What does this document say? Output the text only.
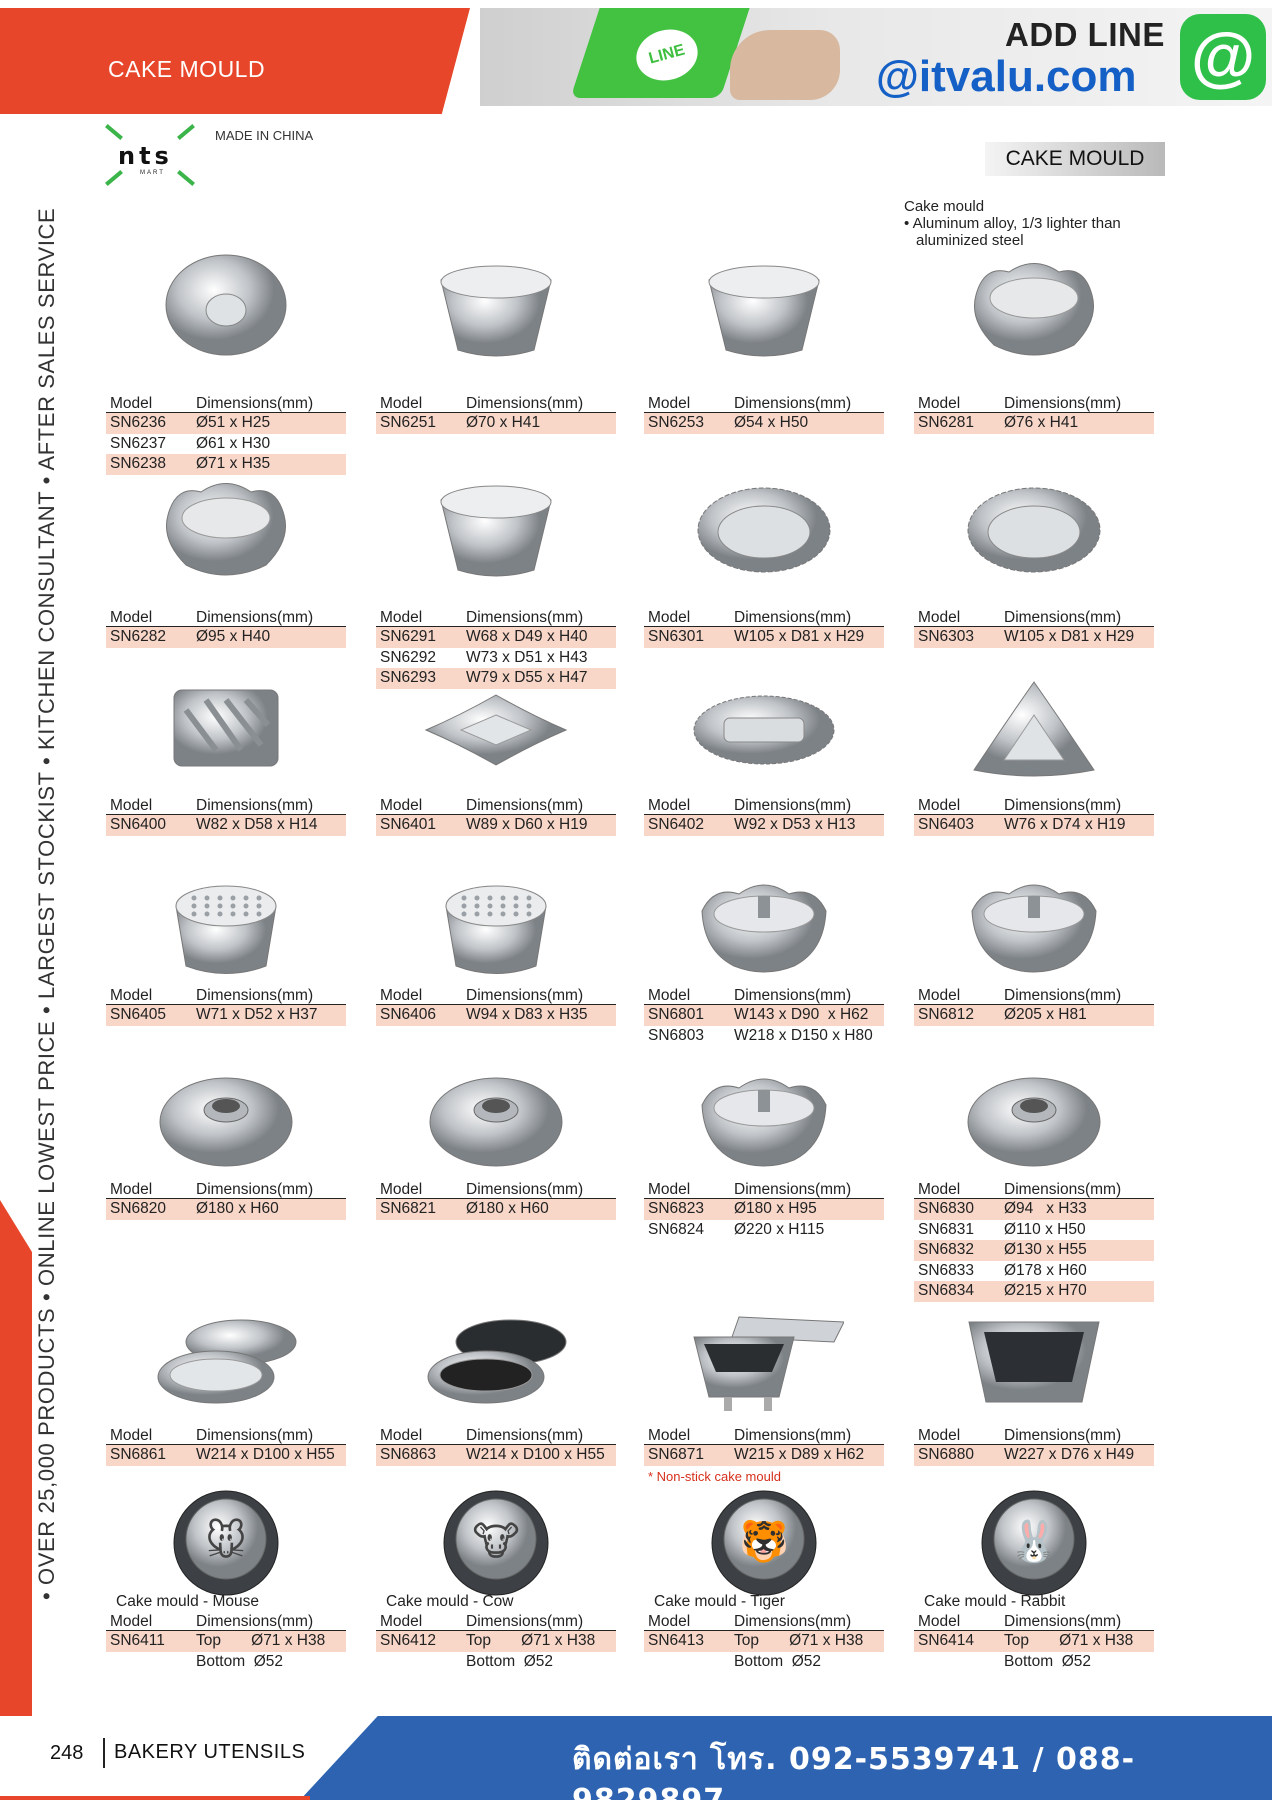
CAKE MOULD
LINE
ADD LINE
@itvalu.com @
nts
MART
MADE IN CHINA
CAKE MOULD
Cake mould
• Aluminum alloy, 1/3 lighter than
aluminized steel
• OVER 25,000 PRODUCTS • ONLINE LOWEST PRICE • LARGEST STOCKIST • KITCHEN CONSULTANT • AFTER SALES SERVICE	Model	Dimensions(mm)
SN6236	Ø51 x H25
SN6237	Ø61 x H30
SN6238	Ø71 x H35
Model	Dimensions(mm)
SN6251	Ø70 x H41
Model	Dimensions(mm)
SN6253	Ø54 x H50
Model	Dimensions(mm)
SN6281	Ø76 x H41
Model	Dimensions(mm)
SN6282	Ø95 x H40
Model	Dimensions(mm)
SN6291	W68 x D49 x H40
SN6292	W73 x D51 x H43
SN6293	W79 x D55 x H47
Model	Dimensions(mm)
SN6301	W105 x D81 x H29
Model	Dimensions(mm)
SN6303	W105 x D81 x H29
Model	Dimensions(mm)
SN6400	W82 x D58 x H14
Model	Dimensions(mm)
SN6401	W89 x D60 x H19
Model	Dimensions(mm)
SN6402	W92 x D53 x H13
Model	Dimensions(mm)
SN6403	W76 x D74 x H19
Model	Dimensions(mm)
SN6405	W71 x D52 x H37
Model	Dimensions(mm)
SN6406	W94 x D83 x H35
Model	Dimensions(mm)
SN6801	W143 x D90  x H62
SN6803	W218 x D150 x H80
Model	Dimensions(mm)
SN6812	Ø205 x H81
Model	Dimensions(mm)
SN6820	Ø180 x H60
Model	Dimensions(mm)
SN6821	Ø180 x H60
Model	Dimensions(mm)
SN6823	Ø180 x H95
SN6824	Ø220 x H115
Model	Dimensions(mm)
SN6830	Ø94   x H33
SN6831	Ø110 x H50
SN6832	Ø130 x H55
SN6833	Ø178 x H60
SN6834	Ø215 x H70
Model	Dimensions(mm)
SN6861	W214 x D100 x H55
Model	Dimensions(mm)
SN6863	W214 x D100 x H55
Model	Dimensions(mm)
SN6871	W215 x D89 x H62
* Non-stick cake mould
Model	Dimensions(mm)
SN6880	W227 x D76 x H49
🐭
Cake mould - Mouse
Model	Dimensions(mm)
SN6411	Top       Ø71 x H38
Bottom  Ø52
🐮
Cake mould - Cow
Model	Dimensions(mm)
SN6412	Top       Ø71 x H38
Bottom  Ø52
🐯
Cake mould - Tiger
Model	Dimensions(mm)
SN6413	Top       Ø71 x H38
Bottom  Ø52
🐰
Cake mould - Rabbit
Model	Dimensions(mm)
SN6414	Top       Ø71 x H38
Bottom  Ø52
248 BAKERY UTENSILS	ติดต่อเรา โทร. 092-5539741 / 088-9829897
